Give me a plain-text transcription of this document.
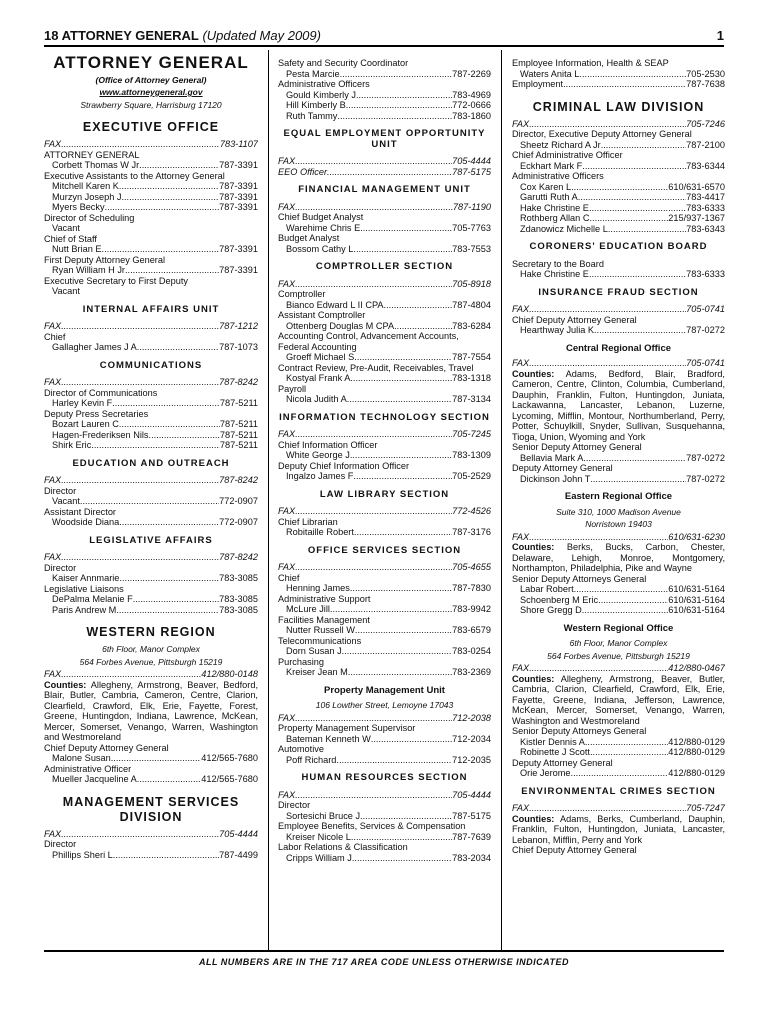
18 ATTORNEY GENERAL (Updated May 2009)	1
ATTORNEY GENERAL
(Office of Attorney General)
www.attorneygeneral.gov
Strawberry Square, Harrisburg 17120
EXECUTIVE OFFICE
FAX .....	783-1107
ATTORNEY GENERAL
Corbett Thomas W Jr .....	787-3391
Executive Assistants to the Attorney General
Mitchell Karen K .....	787-3391
Murzyn Joseph J .....	787-3391
Myers Becky .....	787-3391
Director of Scheduling
Vacant
Chief of Staff
Nutt Brian E .....	787-3391
First Deputy Attorney General
Ryan William H Jr .....	787-3391
Executive Secretary to First Deputy
Vacant
INTERNAL AFFAIRS UNIT
FAX .....	787-1212
Chief
Gallagher James J A .....	787-1073
COMMUNICATIONS
FAX .....	787-8242
Director of Communications
Harley Kevin F .....	787-5211
Deputy Press Secretaries
Bozart Lauren C .....	787-5211
Hagen-Frederiksen Nils .....	787-5211
Shirk Eric .....	787-5211
EDUCATION AND OUTREACH
FAX .....	787-8242
Director
Vacant .....	772-0907
Assistant Director
Woodside Diana .....	772-0907
LEGISLATIVE AFFAIRS
FAX .....	787-8242
Director
Kaiser Annmarie .....	783-3085
Legislative Liaisons
DePalma Melanie F .....	783-3085
Paris Andrew M .....	783-3085
WESTERN REGION
6th Floor, Manor Complex
564 Forbes Avenue, Pittsburgh 15219
FAX .....	412/880-0148
Counties: Allegheny, Armstrong, Beaver, Bedford, Blair, Butler, Cambria, Cameron, Centre, Clarion, Clearfield, Crawford, Elk, Erie, Fayette, Forest, Greene, Huntingdon, Indiana, Lawrence, McKean, Mercer, Somerset, Venango, Warren, Washington and Westmoreland
Chief Deputy Attorney General
Malone Susan .....	412/565-7680
Administrative Officer
Mueller Jacqueline A .....	412/565-7680
MANAGEMENT SERVICES DIVISION
FAX .....	705-4444
Director
Phillips Sheri L .....	787-4499
Safety and Security Coordinator
Pesta Marcie .....	787-2269
Administrative Officers
Gould Kimberly J .....	783-4969
Hill Kimberly B .....	772-0666
Ruth Tammy .....	783-1860
EQUAL EMPLOYMENT OPPORTUNITY UNIT
FAX .....	705-4444
EEO Officer .....	787-5175
FINANCIAL MANAGEMENT UNIT
FAX .....	787-1190
Chief Budget Analyst
Warehime Chris E .....	705-7763
Budget Analyst
Bossom Cathy L .....	783-7553
COMPTROLLER SECTION
FAX .....	705-8918
Comptroller
Bianco Edward L II CPA .....	787-4804
Assistant Comptroller
Ottenberg Douglas M CPA .....	783-6284
Accounting Control, Advancement Accounts,
Federal Accounting
Groeff Michael S .....	787-7554
Contract Review, Pre-Audit, Receivables, Travel
Kostyal Frank A .....	783-1318
Payroll
Nicola Judith A .....	787-3134
INFORMATION TECHNOLOGY SECTION
FAX .....	705-7245
Chief Information Officer
White George J .....	783-1309
Deputy Chief Information Officer
Ingalzo James F .....	705-2529
LAW LIBRARY SECTION
FAX .....	772-4526
Chief Librarian
Robitaille Robert .....	787-3176
OFFICE SERVICES SECTION
FAX .....	705-4655
Chief
Henning James .....	787-7830
Administrative Support
McLure Jill .....	783-9942
Facilities Management
Nutter Russell W .....	783-6579
Telecommunications
Dorn Susan J .....	783-0254
Purchasing
Kreiser Jean M .....	783-2369
Property Management Unit
106 Lowther Street, Lemoyne 17043
FAX .....	712-2038
Property Management Supervisor
Bateman Kenneth W .....	712-2034
Automotive
Poff Richard .....	712-2035
HUMAN RESOURCES SECTION
FAX .....	705-4444
Director
Sortesichi Bruce J .....	787-5175
Employee Benefits, Services & Compensation
Kreiser Nicole L .....	787-7639
Labor Relations & Classification
Cripps William J .....	783-2034
Employee Information, Health & SEAP
Waters Anita L .....	705-2530
Employment .....	787-7638
CRIMINAL LAW DIVISION
FAX .....	705-7246
Director, Executive Deputy Attorney General
Sheetz Richard A Jr .....	787-2100
Chief Administrative Officer
Eckhart Mark F .....	783-6344
Administrative Officers
Cox Karen L .....	610/631-6570
Garutti Ruth A .....	783-4417
Hake Christine E .....	783-6333
Rothberg Allan C .....	215/937-1367
Zdanowicz Michelle L .....	783-6343
CORONERS' EDUCATION BOARD
Secretary to the Board
Hake Christine E .....	783-6333
INSURANCE FRAUD SECTION
FAX .....	705-0741
Chief Deputy Attorney General
Hearthway Julia K .....	787-0272
Central Regional Office
FAX .....	705-0741
Counties: Adams, Bedford, Blair, Bradford, Cameron, Centre, Clinton, Columbia, Cumberland, Dauphin, Franklin, Fulton, Huntingdon, Juniata, Lackawanna, Lancaster, Lebanon, Luzerne, Lycoming, Mifflin, Montour, Northumberland, Perry, Potter, Schuylkill, Snyder, Sullivan, Susquehanna, Tioga, Union, Wyoming and York
Senior Deputy Attorney General
Bellavia Mark A .....	787-0272
Deputy Attorney General
Dickinson John T .....	787-0272
Eastern Regional Office
Suite 310, 1000 Madison Avenue
Norristown 19403
FAX .....	610/631-6230
Counties: Berks, Bucks, Carbon, Chester, Delaware, Lehigh, Monroe, Montgomery, Northampton, Philadelphia, Pike and Wayne
Senior Deputy Attorneys General
Labar Robert .....	610/631-5164
Schoenberg M Eric .....	610/631-5164
Shore Gregg D .....	610/631-5164
Western Regional Office
6th Floor, Manor Complex
564 Forbes Avenue, Pittsburgh 15219
FAX .....	412/880-0467
Counties: Allegheny, Armstrong, Beaver, Butler, Cambria, Clarion, Clearfield, Crawford, Elk, Erie, Fayette, Greene, Indiana, Jefferson, Lawrence, McKean, Mercer, Somerset, Venango, Warren, Washington and Westmoreland
Senior Deputy Attorneys General
Kistler Dennis A .....	412/880-0129
Robinette J Scott .....	412/880-0129
Deputy Attorney General
Orie Jerome .....	412/880-0129
ENVIRONMENTAL CRIMES SECTION
FAX .....	705-7247
Counties: Adams, Berks, Cumberland, Dauphin, Franklin, Fulton, Huntingdon, Juniata, Lancaster, Lebanon, Mifflin, Perry and York
Chief Deputy Attorney General
ALL NUMBERS ARE IN THE 717 AREA CODE UNLESS OTHERWISE INDICATED
